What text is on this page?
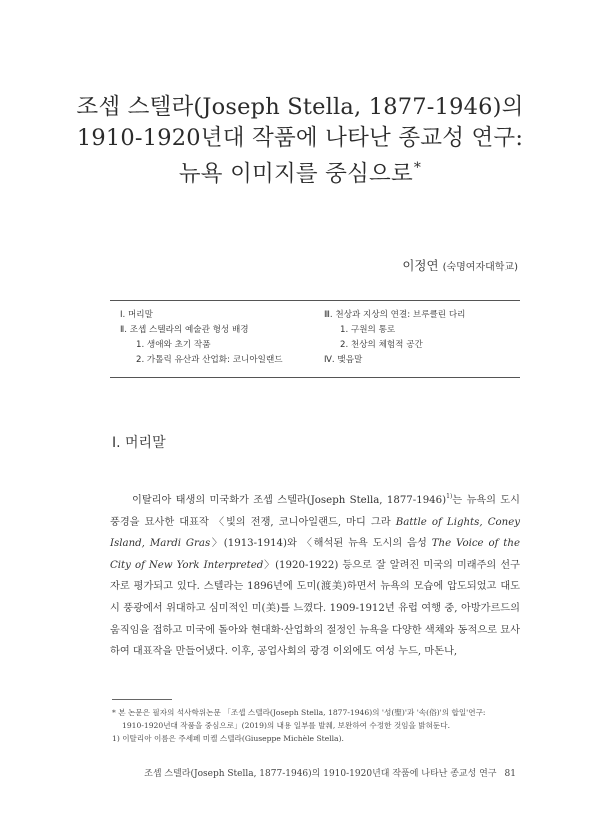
조셉 스텔라(Joseph Stella, 1877-1946)의
1910-1920년대 작품에 나타난 종교성 연구:
뉴욕 이미지를 중심으로*
이정연 (숙명여자대학교)
Ⅰ. 머리말
Ⅱ. 조셉 스텔라의 예술관 형성 배경
1. 생애와 초기 작품
2. 가톨릭 유산과 산업화: 코니아일랜드
Ⅲ. 천상과 지상의 연결: 브루클린 다리
1. 구원의 통로
2. 천상의 체험적 공간
Ⅳ. 맺음말
Ⅰ. 머리말

이탈리아 태생의 미국화가 조셉 스텔라(Joseph Stella, 1877-1946)$^{1)}$는 뉴욕의 도시 풍경을 묘사한 대표작 〈빛의 전쟁, 코니아일랜드, 마디 그라 Battle of Lights, Coney Island, Mardi Gras〉(1913-1914)와 〈해석된 뉴욕 도시의 음성 The Voice of the City of New York Interpreted〉(1920-1922) 등으로 잘 알려진 미국의 미래주의 선구자로 평가되고 있다. 스텔라는 1896년에 도미(渡美)하면서 뉴욕의 모습에 압도되었고 대도시 풍광에서 위대하고 심미적인 미(美)를 느꼈다. 1909-1912년 유럽 여행 중, 아방가르드의 움직임을 접하고 미국에 돌아와 현대화·산업화의 절정인 뉴욕을 다양한 색채와 동적으로 묘사하여 대표작을 만들어냈다. 이후, 공업사회의 광경 이외에도 여성 누드, 마돈나,

* 본 논문은 필자의 석사학위논문 「조셉 스텔라(Joseph Stella, 1877-1946)의 '성(聖)'과 '속(俗)'의 합일'연구:
1910-1920년대 작품을 중심으로」(2019)의 내용 일부를 발췌, 보완하여 수정한 것임을 밝혀둔다.
1) 이탈리아 이름은 주세페 미켈 스텔라(Giuseppe Michèle Stella).
조셉 스텔라(Joseph Stella, 1877-1946)의 1910-1920년대 작품에 나타난 종교성 연구 81
